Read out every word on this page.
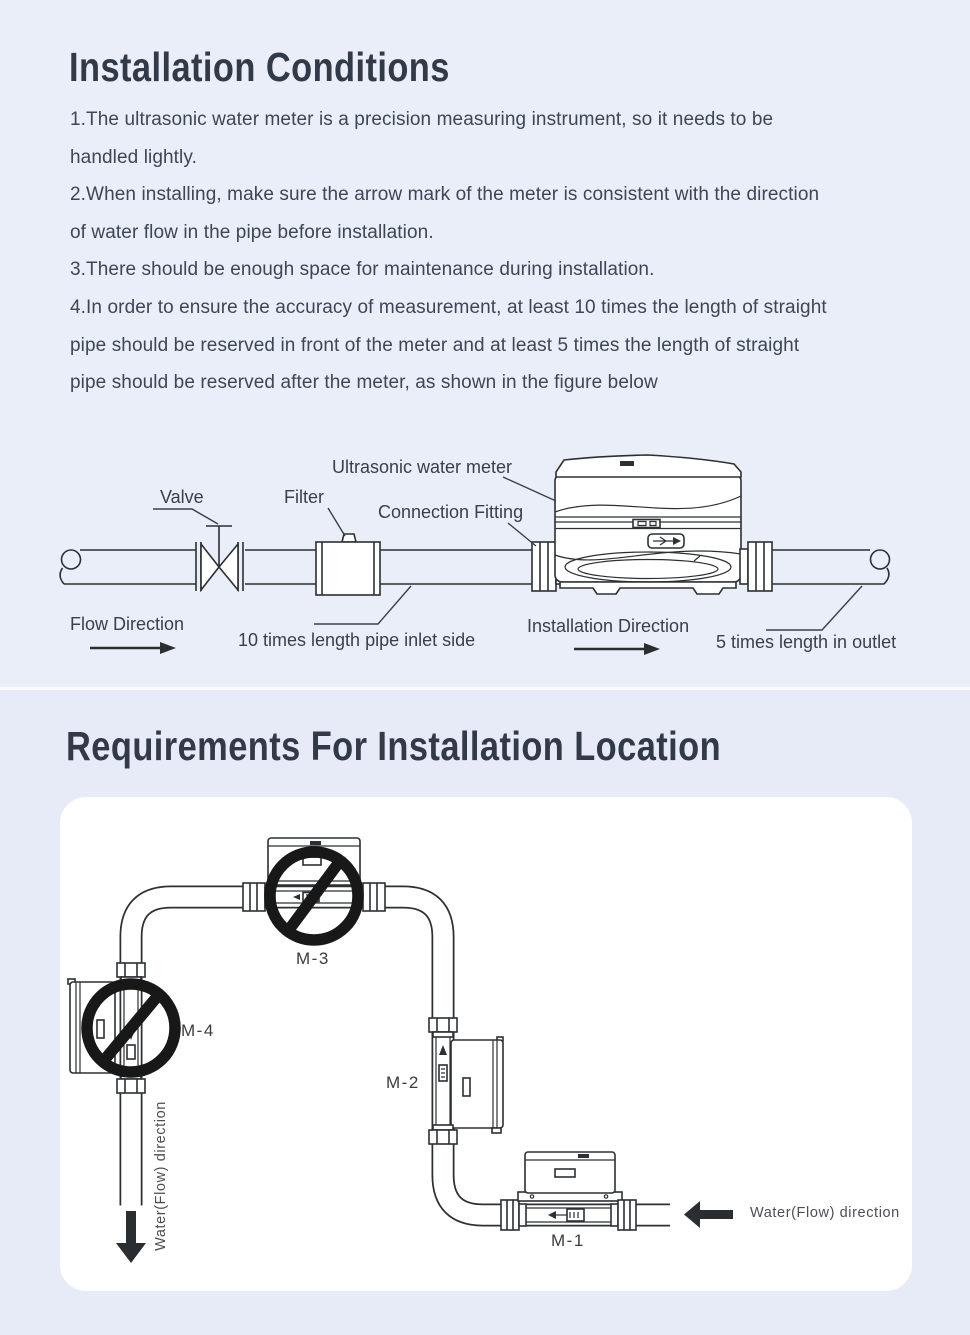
Installation Conditions

1.The ultrasonic water meter is a precision measuring instrument, so it needs to be
handled lightly.

2.When installing, make sure the arrow mark of the meter is consistent with the direction
of water flow in the pipe before installation.

3.There should be enough space for maintenance during installation.

4.In order to ensure the accuracy of measurement, at least 10 times the length of straight
pipe should be reserved in front of the meter and at least 5 times the length of straight
pipe should be reserved after the meter, as shown in the figure below

Ultrasonic water meter
Valve	Filter
Connection Fitting
Flow Direction
10 times length pipe inlet side
Installation Direction
5 times length in outlet
Requirements For Installation Location
M-3
M-4
M-2
M-1
Water(Flow) direction	Water(Flow) direction
